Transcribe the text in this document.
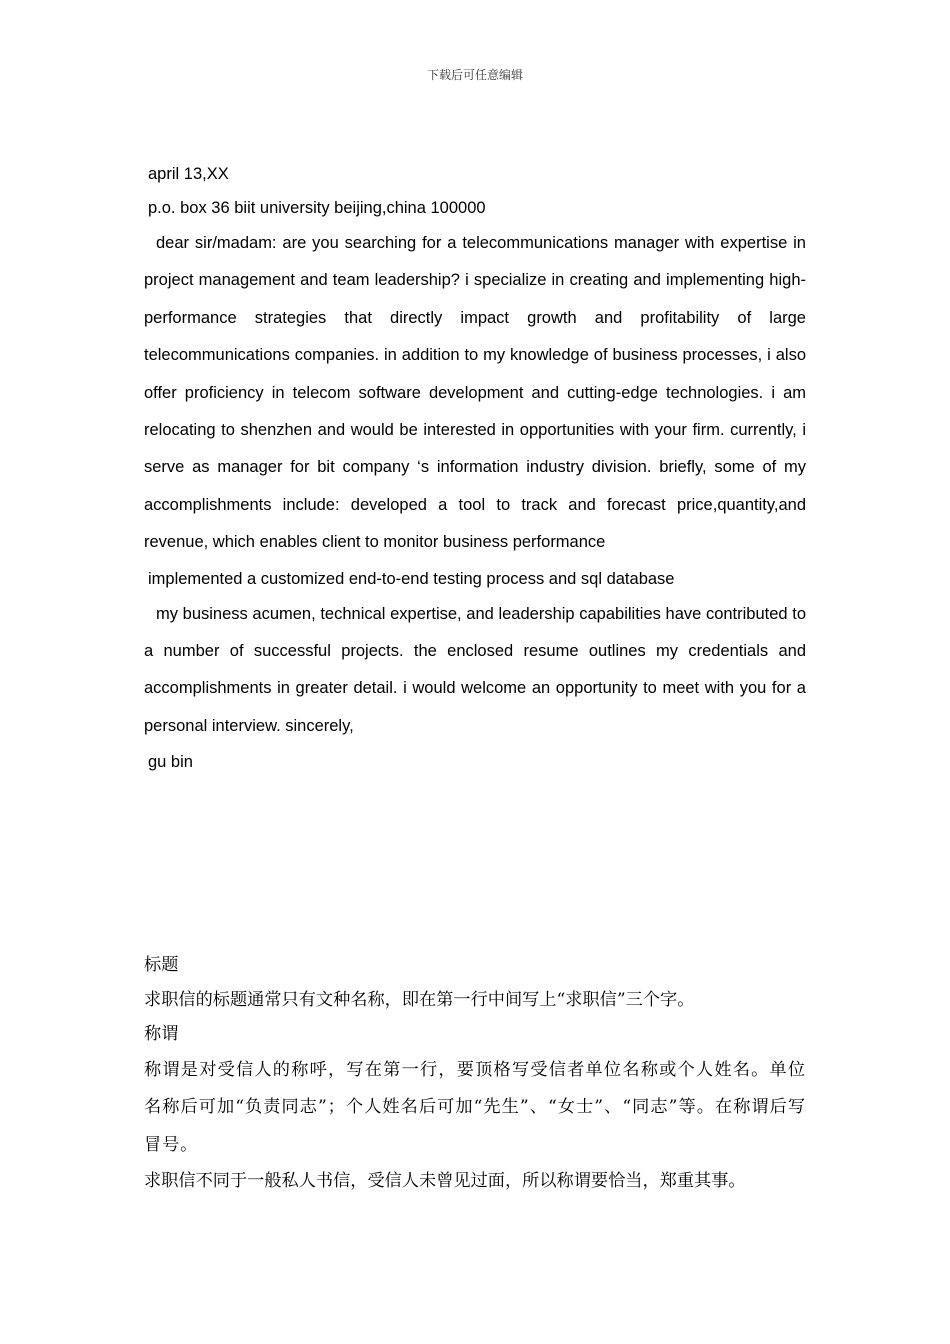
下载后可任意编辑

april 13,XX

p.o. box 36 biit university beijing,china 100000

dear sir/madam: are you searching for a telecommunications manager with expertise in project management and team leadership? i specialize in creating and implementing high-performance strategies that directly impact growth and profitability of large telecommunications companies. in addition to my knowledge of business processes, i also offer proficiency in telecom software development and cutting-edge technologies. i am relocating to shenzhen and would be interested in opportunities with your firm. currently, i serve as manager for bit company ‘s information industry division. briefly, some of my accomplishments include: developed a tool to track and forecast price,quantity,and revenue, which enables client to monitor business performance

implemented a customized end-to-end testing process and sql database

my business acumen, technical expertise, and leadership capabilities have contributed to a number of successful projects. the enclosed resume outlines my credentials and accomplishments in greater detail. i would welcome an opportunity to meet with you for a personal interview. sincerely,

gu bin

标题

求职信的标题通常只有文种名称，即在第一行中间写上“求职信”三个字。

称谓

称谓是对受信人的称呼，写在第一行，要顶格写受信者单位名称或个人姓名。单位名称后可加“负责同志”；个人姓名后可加“先生”、“女士”、“同志”等。在称谓后写冒号。

求职信不同于一般私人书信，受信人未曾见过面，所以称谓要恰当，郑重其事。
